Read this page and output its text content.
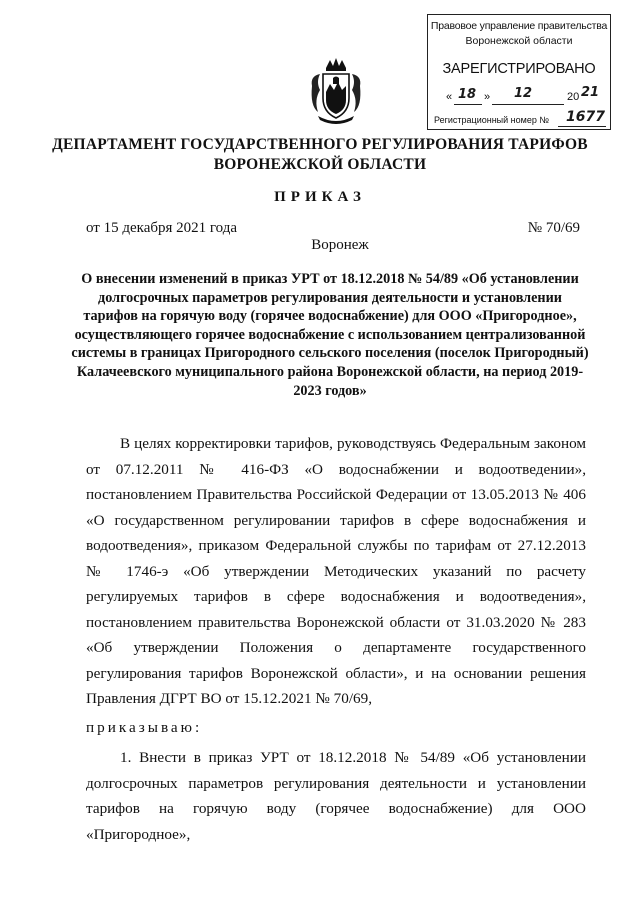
Правовое управление правительства
Воронежской области
ЗАРЕГИСТРИРОВАНО
« 18 » 12	20 21
Регистрационный номер № 1677
ДЕПАРТАМЕНТ ГОСУДАРСТВЕННОГО РЕГУЛИРОВАНИЯ ТАРИФОВ ВОРОНЕЖСКОЙ ОБЛАСТИ
ПРИКАЗ
от 15 декабря 2021 года	№ 70/69
Воронеж
О внесении изменений в приказ УРТ от 18.12.2018 № 54/89 «Об установлении долгосрочных параметров регулирования деятельности и установлении тарифов на горячую воду (горячее водоснабжение) для ООО «Пригородное», осуществляющего горячее водоснабжение с использованием централизованной системы в границах Пригородного сельского поселения (поселок Пригородный) Калачеевского муниципального района Воронежской области, на период 2019-2023 годов»
В целях корректировки тарифов, руководствуясь Федеральным законом от 07.12.2011 № 416-ФЗ «О водоснабжении и водоотведении», постановлением Правительства Российской Федерации от 13.05.2013 № 406 «О государственном регулировании тарифов в сфере водоснабжения и водоотведения», приказом Федеральной службы по тарифам от 27.12.2013 № 1746-э «Об утверждении Методических указаний по расчету регулируемых тарифов в сфере водоснабжения и водоотведения», постановлением правительства Воронежской области от 31.03.2020 № 283 «Об утверждении Положения о департаменте государственного регулирования тарифов Воронежской области», и на основании решения Правления ДГРТ ВО от 15.12.2021 № 70/69,
приказываю:
1. Внести в приказ УРТ от 18.12.2018 № 54/89 «Об установлении долгосрочных параметров регулирования деятельности и установлении тарифов на горячую воду (горячее водоснабжение) для ООО «Пригородное»,
